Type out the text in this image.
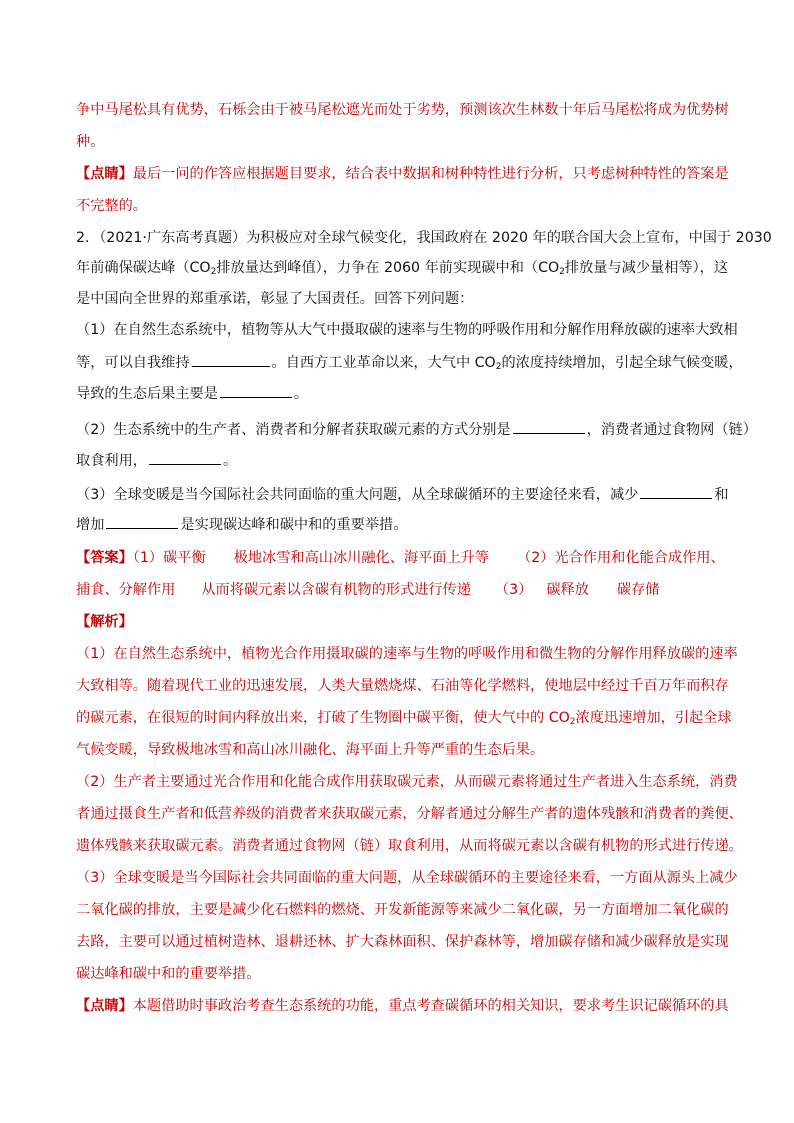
争中马尾松具有优势，石栎会由于被马尾松遮光而处于劣势，预测该次生林数十年后马尾松将成为优势树
种。
【点睛】最后一问的作答应根据题目要求，结合表中数据和树种特性进行分析，只考虑树种特性的答案是
不完整的。
2．（2021·广东高考真题）为积极应对全球气候变化，我国政府在 2020 年的联合国大会上宣布，中国于 2030
年前确保碳达峰（$CO_2$排放量达到峰值），力争在 2060 年前实现碳中和（$CO_2$排放量与减少量相等），这
是中国向全世界的郑重承诺，彰显了大国责任。回答下列问题：
（1）在自然生态系统中，植物等从大气中摄取碳的速率与生物的呼吸作用和分解作用释放碳的速率大致相
等，可以自我维持	。自西方工业革命以来，大气中 $CO_2$的浓度持续增加，引起全球气候变暖，
导致的生态后果主要是	。
（2）生态系统中的生产者、消费者和分解者获取碳元素的方式分别是	，消费者通过食物网（链）
取食利用，	。
（3）全球变暖是当今国际社会共同面临的重大问题，从全球碳循环的主要途径来看，减少	和
增加	是实现碳达峰和碳中和的重要举措。
【答案】（1）碳平衡 极地冰雪和高山冰川融化、海平面上升等 （2）光合作用和化能合成作用、
捕食、分解作用 从而将碳元素以含碳有机物的形式进行传递 （3） 碳释放 碳存储
【解析】
（1）在自然生态系统中，植物光合作用摄取碳的速率与生物的呼吸作用和微生物的分解作用释放碳的速率
大致相等。随着现代工业的迅速发展，人类大量燃烧煤、石油等化学燃料，使地层中经过千百万年而积存
的碳元素，在很短的时间内释放出来，打破了生物圈中碳平衡，使大气中的 $CO_2$浓度迅速增加，引起全球
气候变暖，导致极地冰雪和高山冰川融化、海平面上升等严重的生态后果。
（2）生产者主要通过光合作用和化能合成作用获取碳元素，从而碳元素将通过生产者进入生态系统，消费
者通过摄食生产者和低营养级的消费者来获取碳元素，分解者通过分解生产者的遗体残骸和消费者的粪便、
遗体残骸来获取碳元素。消费者通过食物网（链）取食利用，从而将碳元素以含碳有机物的形式进行传递。
（3）全球变暖是当今国际社会共同面临的重大问题，从全球碳循环的主要途径来看，一方面从源头上减少
二氧化碳的排放，主要是减少化石燃料的燃烧、开发新能源等来减少二氧化碳，另一方面增加二氧化碳的
去路，主要可以通过植树造林、退耕还林、扩大森林面积、保护森林等，增加碳存储和减少碳释放是实现
碳达峰和碳中和的重要举措。
【点睛】本题借助时事政治考查生态系统的功能，重点考查碳循环的相关知识，要求考生识记碳循环的具
